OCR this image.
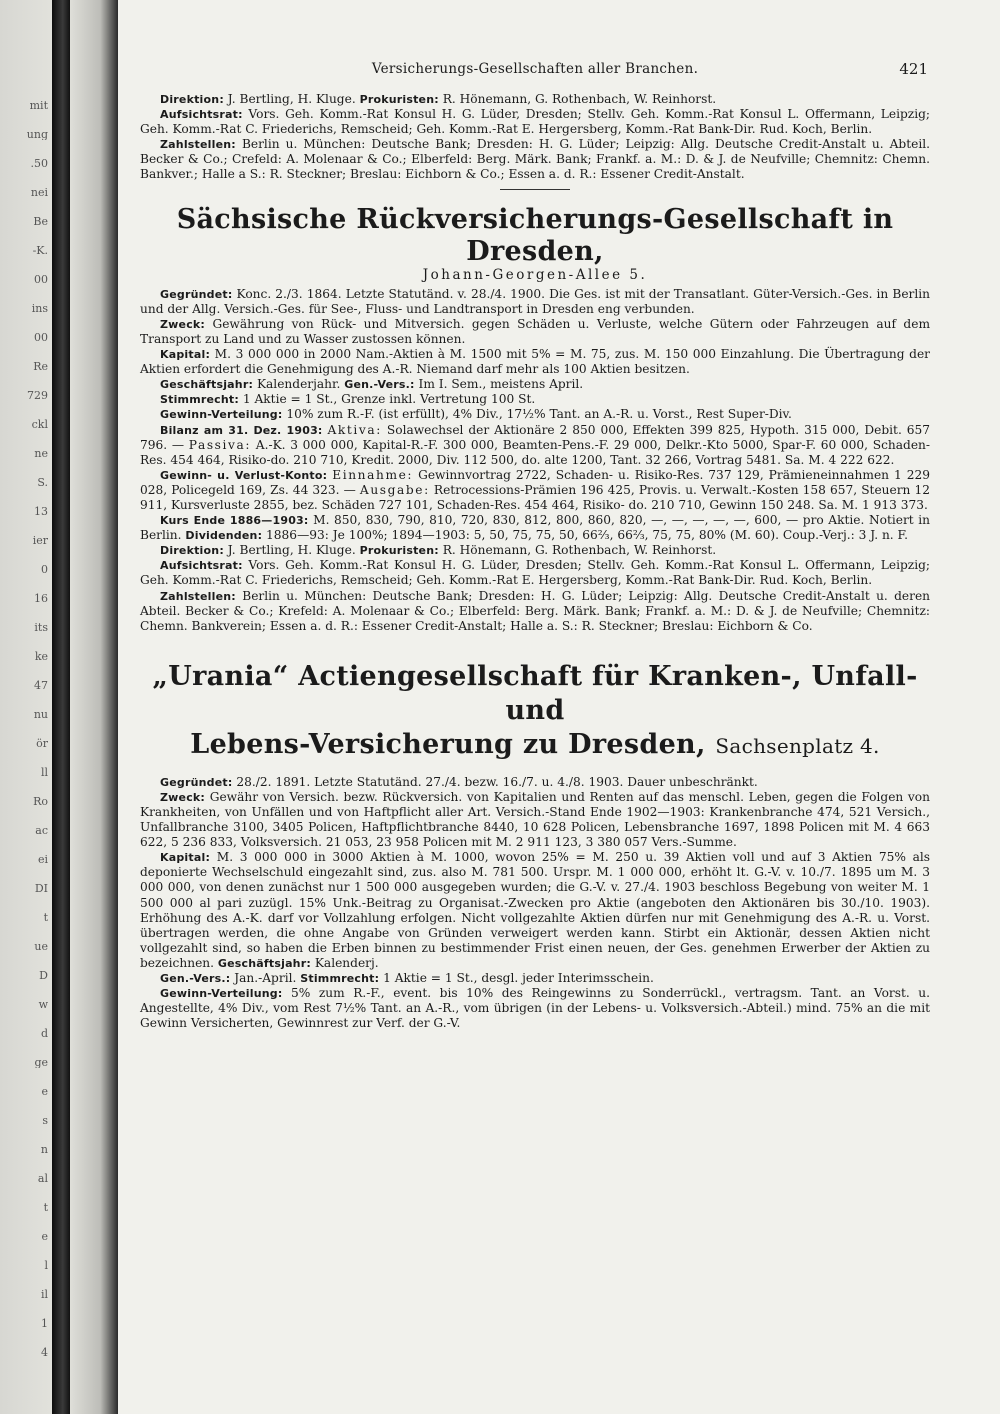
mit
ung
.50
nei
Be
-K.
00
ins
00
Re
729
ckl
ne
S.
13
ier
0
16
its
ke
47
nu
ör
ll
Ro
ac
ei
DI
t
ue
D
w
d
ge
e
s
n
al
t
e
l
il
1
4
Versicherungs-Gesellschaften aller Branchen.	421

Direktion: J. Bertling, H. Kluge. Prokuristen: R. Hönemann, G. Rothenbach, W. Reinhorst.

Aufsichtsrat: Vors. Geh. Komm.-Rat Konsul H. G. Lüder, Dresden; Stellv. Geh. Komm.-Rat Konsul L. Offermann, Leipzig; Geh. Komm.-Rat C. Friederichs, Remscheid; Geh. Komm.-Rat E. Hergersberg, Komm.-Rat Bank-Dir. Rud. Koch, Berlin.

Zahlstellen: Berlin u. München: Deutsche Bank; Dresden: H. G. Lüder; Leipzig: Allg. Deutsche Credit-Anstalt u. Abteil. Becker & Co.; Crefeld: A. Molenaar & Co.; Elberfeld: Berg. Märk. Bank; Frankf. a. M.: D. & J. de Neufville; Chemnitz: Chemn. Bankver.; Halle a S.: R. Steckner; Breslau: Eichborn & Co.; Essen a. d. R.: Essener Credit-Anstalt.

Sächsische Rückversicherungs-Gesellschaft in Dresden,
Johann-Georgen-Allee 5.

Gegründet: Konc. 2./3. 1864. Letzte Statutänd. v. 28./4. 1900. Die Ges. ist mit der Transatlant. Güter-Versich.-Ges. in Berlin und der Allg. Versich.-Ges. für See-, Fluss- und Landtransport in Dresden eng verbunden.

Zweck: Gewährung von Rück- und Mitversich. gegen Schäden u. Verluste, welche Gütern oder Fahrzeugen auf dem Transport zu Land und zu Wasser zustossen können.

Kapital: M. 3 000 000 in 2000 Nam.-Aktien à M. 1500 mit 5% = M. 75, zus. M. 150 000 Einzahlung. Die Übertragung der Aktien erfordert die Genehmigung des A.-R. Niemand darf mehr als 100 Aktien besitzen.

Geschäftsjahr: Kalenderjahr. Gen.-Vers.: Im I. Sem., meistens April.

Stimmrecht: 1 Aktie = 1 St., Grenze inkl. Vertretung 100 St.

Gewinn-Verteilung: 10% zum R.-F. (ist erfüllt), 4% Div., 17½% Tant. an A.-R. u. Vorst., Rest Super-Div.

Bilanz am 31. Dez. 1903: Aktiva: Solawechsel der Aktionäre 2 850 000, Effekten 399 825, Hypoth. 315 000, Debit. 657 796. — Passiva: A.-K. 3 000 000, Kapital-R.-F. 300 000, Beamten-Pens.-F. 29 000, Delkr.-Kto 5000, Spar-F. 60 000, Schaden-Res. 454 464, Risiko-do. 210 710, Kredit. 2000, Div. 112 500, do. alte 1200, Tant. 32 266, Vortrag 5481. Sa. M. 4 222 622.

Gewinn- u. Verlust-Konto: Einnahme: Gewinnvortrag 2722, Schaden- u. Risiko-Res. 737 129, Prämieneinnahmen 1 229 028, Policegeld 169, Zs. 44 323. — Ausgabe: Retrocessions-Prämien 196 425, Provis. u. Verwalt.-Kosten 158 657, Steuern 12 911, Kursverluste 2855, bez. Schäden 727 101, Schaden-Res. 454 464, Risiko- do. 210 710, Gewinn 150 248. Sa. M. 1 913 373.

Kurs Ende 1886—1903: M. 850, 830, 790, 810, 720, 830, 812, 800, 860, 820, —, —, —, —, —, 600, — pro Aktie. Notiert in Berlin. Dividenden: 1886—93: Je 100%; 1894—1903: 5, 50, 75, 75, 50, 66⅔, 66⅔, 75, 75, 80% (M. 60). Coup.-Verj.: 3 J. n. F.

Direktion: J. Bertling, H. Kluge. Prokuristen: R. Hönemann, G. Rothenbach, W. Reinhorst.

Aufsichtsrat: Vors. Geh. Komm.-Rat Konsul H. G. Lüder, Dresden; Stellv. Geh. Komm.-Rat Konsul L. Offermann, Leipzig; Geh. Komm.-Rat C. Friederichs, Remscheid; Geh. Komm.-Rat E. Hergersberg, Komm.-Rat Bank-Dir. Rud. Koch, Berlin.

Zahlstellen: Berlin u. München: Deutsche Bank; Dresden: H. G. Lüder; Leipzig: Allg. Deutsche Credit-Anstalt u. deren Abteil. Becker & Co.; Krefeld: A. Molenaar & Co.; Elberfeld: Berg. Märk. Bank; Frankf. a. M.: D. & J. de Neufville; Chemnitz: Chemn. Bankverein; Essen a. d. R.: Essener Credit-Anstalt; Halle a. S.: R. Steckner; Breslau: Eichborn & Co.

„Urania“ Actiengesellschaft für Kranken-, Unfall- und
Lebens-Versicherung zu Dresden, Sachsenplatz 4.

Gegründet: 28./2. 1891. Letzte Statutänd. 27./4. bezw. 16./7. u. 4./8. 1903. Dauer unbeschränkt.

Zweck: Gewähr von Versich. bezw. Rückversich. von Kapitalien und Renten auf das menschl. Leben, gegen die Folgen von Krankheiten, von Unfällen und von Haftpflicht aller Art. Versich.-Stand Ende 1902—1903: Krankenbranche 474, 521 Versich., Unfallbranche 3100, 3405 Policen, Haftpflichtbranche 8440, 10 628 Policen, Lebensbranche 1697, 1898 Policen mit M. 4 663 622, 5 236 833, Volksversich. 21 053, 23 958 Policen mit M. 2 911 123, 3 380 057 Vers.-Summe.

Kapital: M. 3 000 000 in 3000 Aktien à M. 1000, wovon 25% = M. 250 u. 39 Aktien voll und auf 3 Aktien 75% als deponierte Wechselschuld eingezahlt sind, zus. also M. 781 500. Urspr. M. 1 000 000, erhöht lt. G.-V. v. 10./7. 1895 um M. 3 000 000, von denen zunächst nur 1 500 000 ausgegeben wurden; die G.-V. v. 27./4. 1903 beschloss Begebung von weiter M. 1 500 000 al pari zuzügl. 15% Unk.-Beitrag zu Organisat.-Zwecken pro Aktie (angeboten den Aktionären bis 30./10. 1903). Erhöhung des A.-K. darf vor Vollzahlung erfolgen. Nicht vollgezahlte Aktien dürfen nur mit Genehmigung des A.-R. u. Vorst. übertragen werden, die ohne Angabe von Gründen verweigert werden kann. Stirbt ein Aktionär, dessen Aktien nicht vollgezahlt sind, so haben die Erben binnen zu bestimmender Frist einen neuen, der Ges. genehmen Erwerber der Aktien zu bezeichnen. Geschäftsjahr: Kalenderj.

Gen.-Vers.: Jan.-April. Stimmrecht: 1 Aktie = 1 St., desgl. jeder Interimsschein.

Gewinn-Verteilung: 5% zum R.-F., event. bis 10% des Reingewinns zu Sonderrückl., vertragsm. Tant. an Vorst. u. Angestellte, 4% Div., vom Rest 7½% Tant. an A.-R., vom übrigen (in der Lebens- u. Volksversich.-Abteil.) mind. 75% an die mit Gewinn Versicherten, Gewinnrest zur Verf. der G.-V.
